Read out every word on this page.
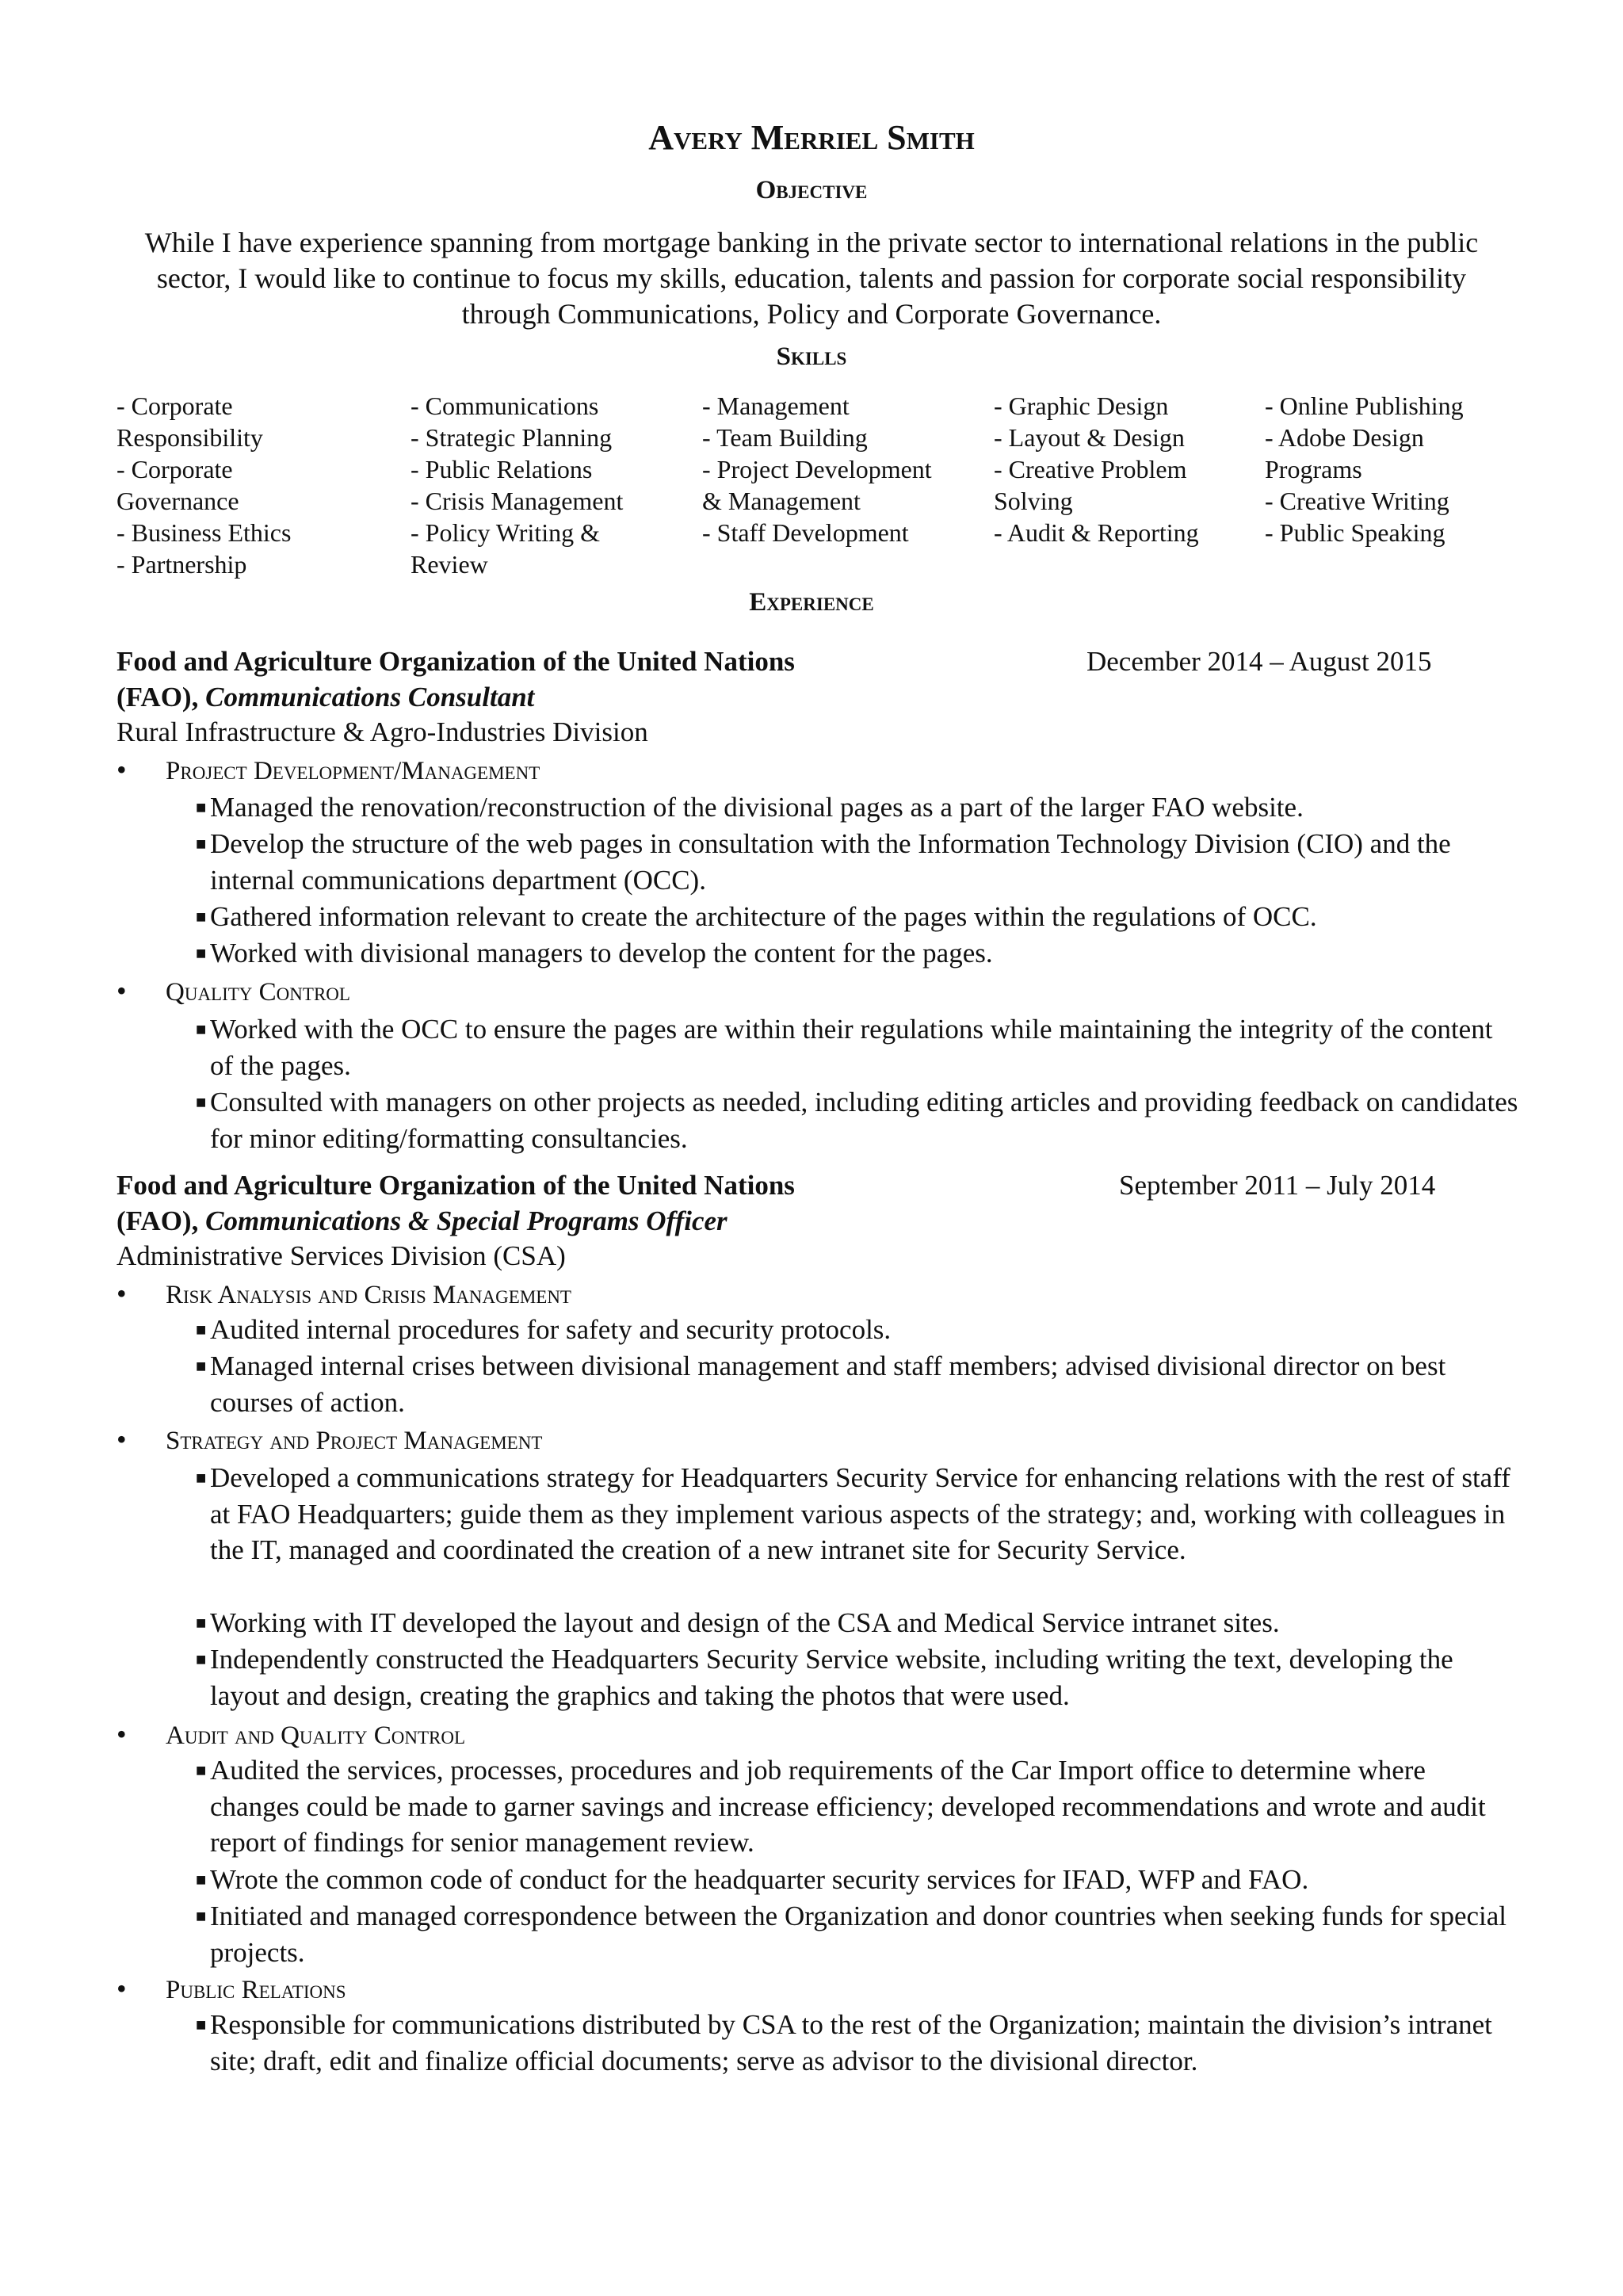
Avery Merriel Smith
Objective
While I have experience spanning from mortgage banking in the private sector to international relations in the public sector, I would like to continue to focus my skills, education, talents and passion for corporate social responsibility through Communications, Policy and Corporate Governance.
Skills
- Corporate
Responsibility
- Corporate
Governance
- Business Ethics
- Partnership
- Communications
- Strategic Planning
- Public Relations
- Crisis Management
- Policy Writing &
Review
- Management
- Team Building
- Project Development
& Management
- Staff Development
- Graphic Design
- Layout & Design
- Creative Problem
Solving
- Audit & Reporting
- Online Publishing
- Adobe Design
Programs
- Creative Writing
- Public Speaking
Experience
Food and Agriculture Organization of the United Nations
(FAO), Communications Consultant
December 2014 – August 2015
Rural Infrastructure & Agro-Industries Division
• Project Development/Management
■ Managed the renovation/reconstruction of the divisional pages as a part of the larger FAO website.
■ Develop the structure of the web pages in consultation with the Information Technology Division (CIO) and the internal communications department (OCC).
■ Gathered information relevant to create the architecture of the pages within the regulations of OCC.
■ Worked with divisional managers to develop the content for the pages.
• Quality Control
■ Worked with the OCC to ensure the pages are within their regulations while maintaining the integrity of the content of the pages.
■ Consulted with managers on other projects as needed, including editing articles and providing feedback on candidates for minor editing/formatting consultancies.
Food and Agriculture Organization of the United Nations
(FAO), Communications & Special Programs Officer
September 2011 – July 2014
Administrative Services Division (CSA)
• Risk Analysis and Crisis Management
■ Audited internal procedures for safety and security protocols.
■ Managed internal crises between divisional management and staff members; advised divisional director on best courses of action.
• Strategy and Project Management
■ Developed a communications strategy for Headquarters Security Service for enhancing relations with the rest of staff at FAO Headquarters; guide them as they implement various aspects of the strategy; and, working with colleagues in the IT, managed and coordinated the creation of a new intranet site for Security Service.
■ Working with IT developed the layout and design of the CSA and Medical Service intranet sites.
■ Independently constructed the Headquarters Security Service website, including writing the text, developing the layout and design, creating the graphics and taking the photos that were used.
• Audit and Quality Control
■ Audited the services, processes, procedures and job requirements of the Car Import office to determine where changes could be made to garner savings and increase efficiency; developed recommendations and wrote and audit report of findings for senior management review.
■ Wrote the common code of conduct for the headquarter security services for IFAD, WFP and FAO.
■ Initiated and managed correspondence between the Organization and donor countries when seeking funds for special projects.
• Public Relations
■ Responsible for communications distributed by CSA to the rest of the Organization; maintain the division’s intranet site; draft, edit and finalize official documents; serve as advisor to the divisional director.
